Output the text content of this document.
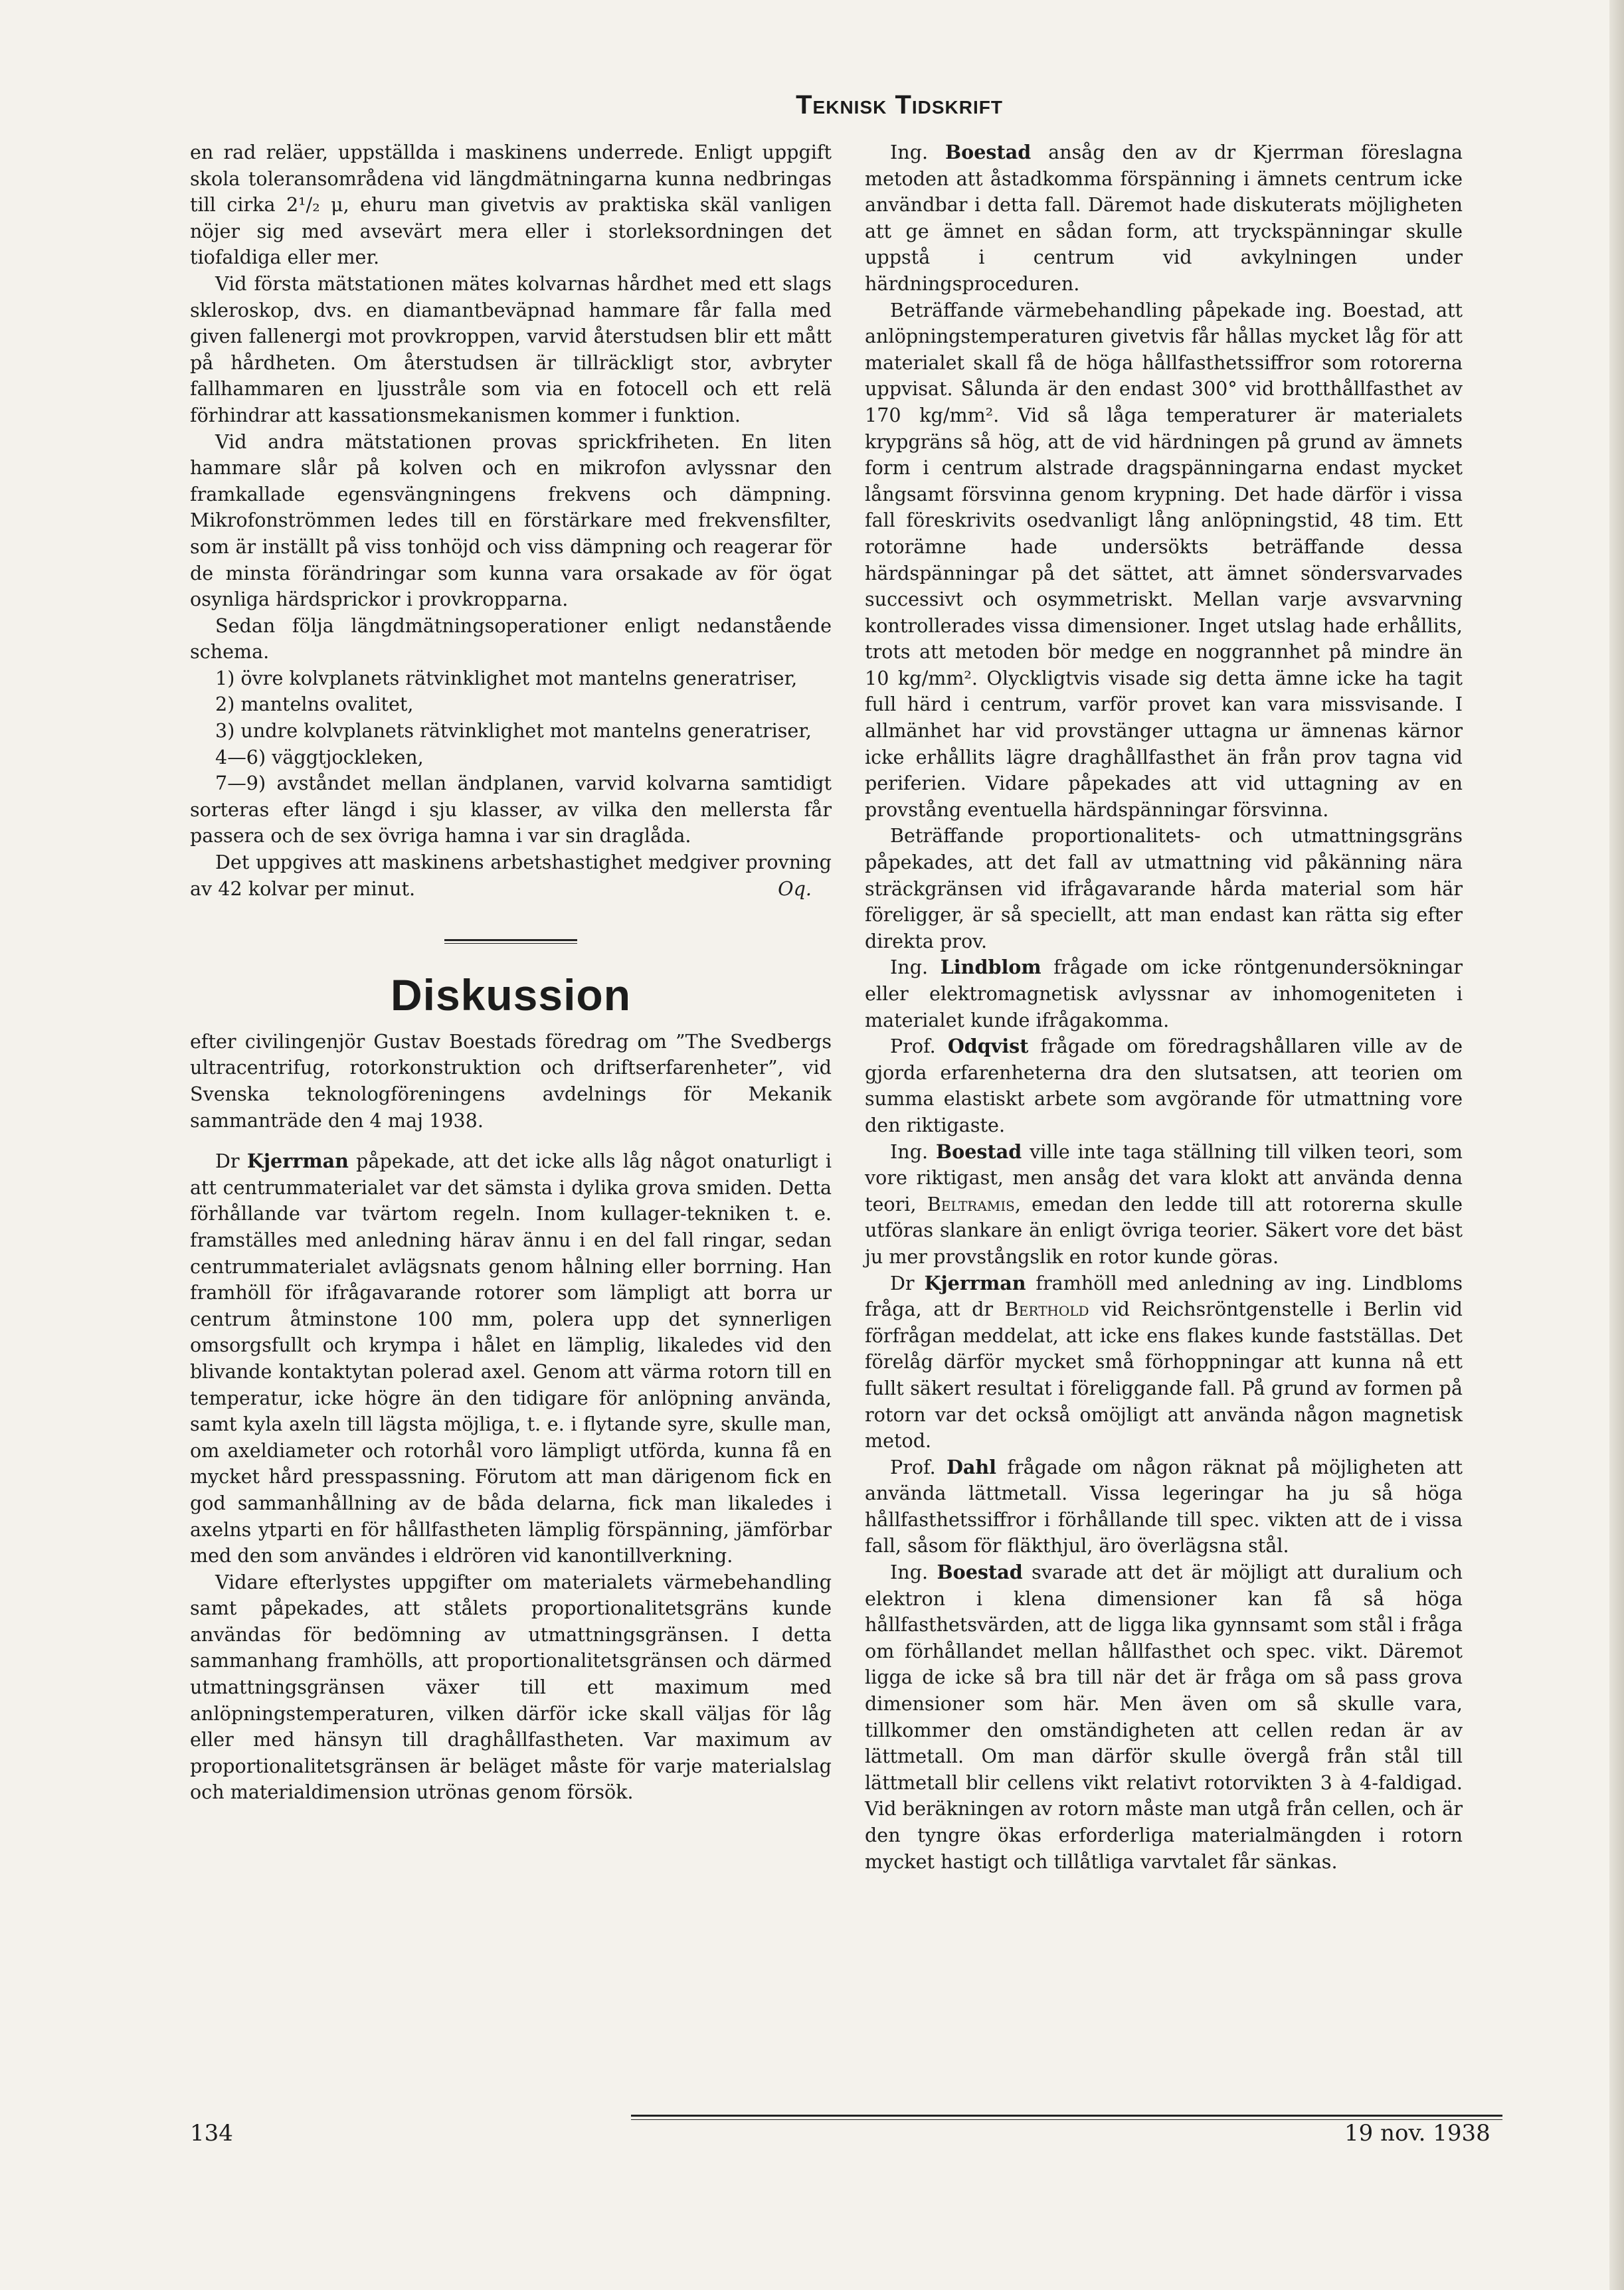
Teknisk Tidskrift

en rad reläer, uppställda i maskinens underrede. Enligt uppgift skola toleransområdena vid längdmätningarna kunna nedbringas till cirka 2¹/₂ μ, ehuru man givetvis av praktiska skäl vanligen nöjer sig med avsevärt mera eller i storleksordningen det tiofaldiga eller mer.

Vid första mätstationen mätes kolvarnas hårdhet med ett slags skleroskop, dvs. en diamantbeväpnad hammare får falla med given fallenergi mot provkroppen, varvid återstudsen blir ett mått på hårdheten. Om återstudsen är tillräckligt stor, avbryter fallhammaren en ljusstråle som via en fotocell och ett relä förhindrar att kassationsmekanismen kommer i funktion.

Vid andra mätstationen provas sprickfriheten. En liten hammare slår på kolven och en mikrofon avlyssnar den framkallade egensvängningens frekvens och dämpning. Mikrofonströmmen ledes till en förstärkare med frekvensfilter, som är inställt på viss tonhöjd och viss dämpning och reagerar för de minsta förändringar som kunna vara orsakade av för ögat osynliga härdsprickor i provkropparna.

Sedan följa längdmätningsoperationer enligt nedanstående schema.

1) övre kolvplanets rätvinklighet mot mantelns generatriser,

2) mantelns ovalitet,

3) undre kolvplanets rätvinklighet mot mantelns generatriser,

4—6) väggtjockleken,

7—9) avståndet mellan ändplanen, varvid kolvarna samtidigt sorteras efter längd i sju klasser, av vilka den mellersta får passera och de sex övriga hamna i var sin draglåda.

Det uppgives att maskinens arbetshastighet medgiver provning av 42 kolvar per minut.	Oq.

Diskussion

efter civilingenjör Gustav Boestads föredrag om ”The Svedbergs ultracentrifug, rotorkonstruktion och driftserfarenheter”, vid Svenska teknologföreningens avdelnings för Mekanik sammanträde den 4 maj 1938.

Dr Kjerrman påpekade, att det icke alls låg något onaturligt i att centrummaterialet var det sämsta i dylika grova smiden. Detta förhållande var tvärtom regeln. Inom kullager-tekniken t. e. framställes med anledning härav ännu i en del fall ringar, sedan centrummaterialet avlägsnats genom hålning eller borrning. Han framhöll för ifrågavarande rotorer som lämpligt att borra ur centrum åtminstone 100 mm, polera upp det synnerligen omsorgsfullt och krympa i hålet en lämplig, likaledes vid den blivande kontaktytan polerad axel. Genom att värma rotorn till en temperatur, icke högre än den tidigare för anlöpning använda, samt kyla axeln till lägsta möjliga, t. e. i flytande syre, skulle man, om axeldiameter och rotorhål voro lämpligt utförda, kunna få en mycket hård presspassning. Förutom att man därigenom fick en god sammanhållning av de båda delarna, fick man likaledes i axelns ytparti en för hållfastheten lämplig förspänning, jämförbar med den som användes i eldrören vid kanontillverkning.

Vidare efterlystes uppgifter om materialets värmebehandling samt påpekades, att stålets proportionalitetsgräns kunde användas för bedömning av utmattningsgränsen. I detta sammanhang framhölls, att proportionalitetsgränsen och därmed utmattningsgränsen växer till ett maximum med anlöpningstemperaturen, vilken därför icke skall väljas för låg eller med hänsyn till draghållfastheten. Var maximum av proportionalitetsgränsen är beläget måste för varje materialslag och materialdimension utrönas genom försök.

Ing. Boestad ansåg den av dr Kjerrman föreslagna metoden att åstadkomma förspänning i ämnets centrum icke användbar i detta fall. Däremot hade diskuterats möjligheten att ge ämnet en sådan form, att tryckspänningar skulle uppstå i centrum vid avkylningen under härdningsproceduren.

Beträffande värmebehandling påpekade ing. Boestad, att anlöpningstemperaturen givetvis får hållas mycket låg för att materialet skall få de höga hållfasthetssiffror som rotorerna uppvisat. Sålunda är den endast 300° vid brotthållfasthet av 170 kg/mm². Vid så låga temperaturer är materialets krypgräns så hög, att de vid härdningen på grund av ämnets form i centrum alstrade dragspänningarna endast mycket långsamt försvinna genom krypning. Det hade därför i vissa fall föreskrivits osedvanligt lång anlöpningstid, 48 tim. Ett rotorämne hade undersökts beträffande dessa härdspänningar på det sättet, att ämnet söndersvarvades successivt och osymmetriskt. Mellan varje avsvarvning kontrollerades vissa dimensioner. Inget utslag hade erhållits, trots att metoden bör medge en noggrannhet på mindre än 10 kg/mm². Olyckligtvis visade sig detta ämne icke ha tagit full härd i centrum, varför provet kan vara missvisande. I allmänhet har vid provstänger uttagna ur ämnenas kärnor icke erhållits lägre draghållfasthet än från prov tagna vid periferien. Vidare påpekades att vid uttagning av en provstång eventuella härdspänningar försvinna.

Beträffande proportionalitets- och utmattningsgräns påpekades, att det fall av utmattning vid påkänning nära sträckgränsen vid ifrågavarande hårda material som här föreligger, är så speciellt, att man endast kan rätta sig efter direkta prov.

Ing. Lindblom frågade om icke röntgenundersökningar eller elektromagnetisk avlyssnar av inhomogeniteten i materialet kunde ifrågakomma.

Prof. Odqvist frågade om föredragshållaren ville av de gjorda erfarenheterna dra den slutsatsen, att teorien om summa elastiskt arbete som avgörande för utmattning vore den riktigaste.

Ing. Boestad ville inte taga ställning till vilken teori, som vore riktigast, men ansåg det vara klokt att använda denna teori, Beltramis, emedan den ledde till att rotorerna skulle utföras slankare än enligt övriga teorier. Säkert vore det bäst ju mer provstångslik en rotor kunde göras.

Dr Kjerrman framhöll med anledning av ing. Lindbloms fråga, att dr Berthold vid Reichsröntgenstelle i Berlin vid förfrågan meddelat, att icke ens flakes kunde fastställas. Det förelåg därför mycket små förhoppningar att kunna nå ett fullt säkert resultat i föreliggande fall. På grund av formen på rotorn var det också omöjligt att använda någon magnetisk metod.

Prof. Dahl frågade om någon räknat på möjligheten att använda lättmetall. Vissa legeringar ha ju så höga hållfasthetssiffror i förhållande till spec. vikten att de i vissa fall, såsom för fläkthjul, äro överlägsna stål.

Ing. Boestad svarade att det är möjligt att duralium och elektron i klena dimensioner kan få så höga hållfasthetsvärden, att de ligga lika gynnsamt som stål i fråga om förhållandet mellan hållfasthet och spec. vikt. Däremot ligga de icke så bra till när det är fråga om så pass grova dimensioner som här. Men även om så skulle vara, tillkommer den omständigheten att cellen redan är av lättmetall. Om man därför skulle övergå från stål till lättmetall blir cellens vikt relativt rotorvikten 3 à 4-faldigad. Vid beräkningen av rotorn måste man utgå från cellen, och är den tyngre ökas erforderliga materialmängden i rotorn mycket hastigt och tillåtliga varvtalet får sänkas.

134	19 nov. 1938
